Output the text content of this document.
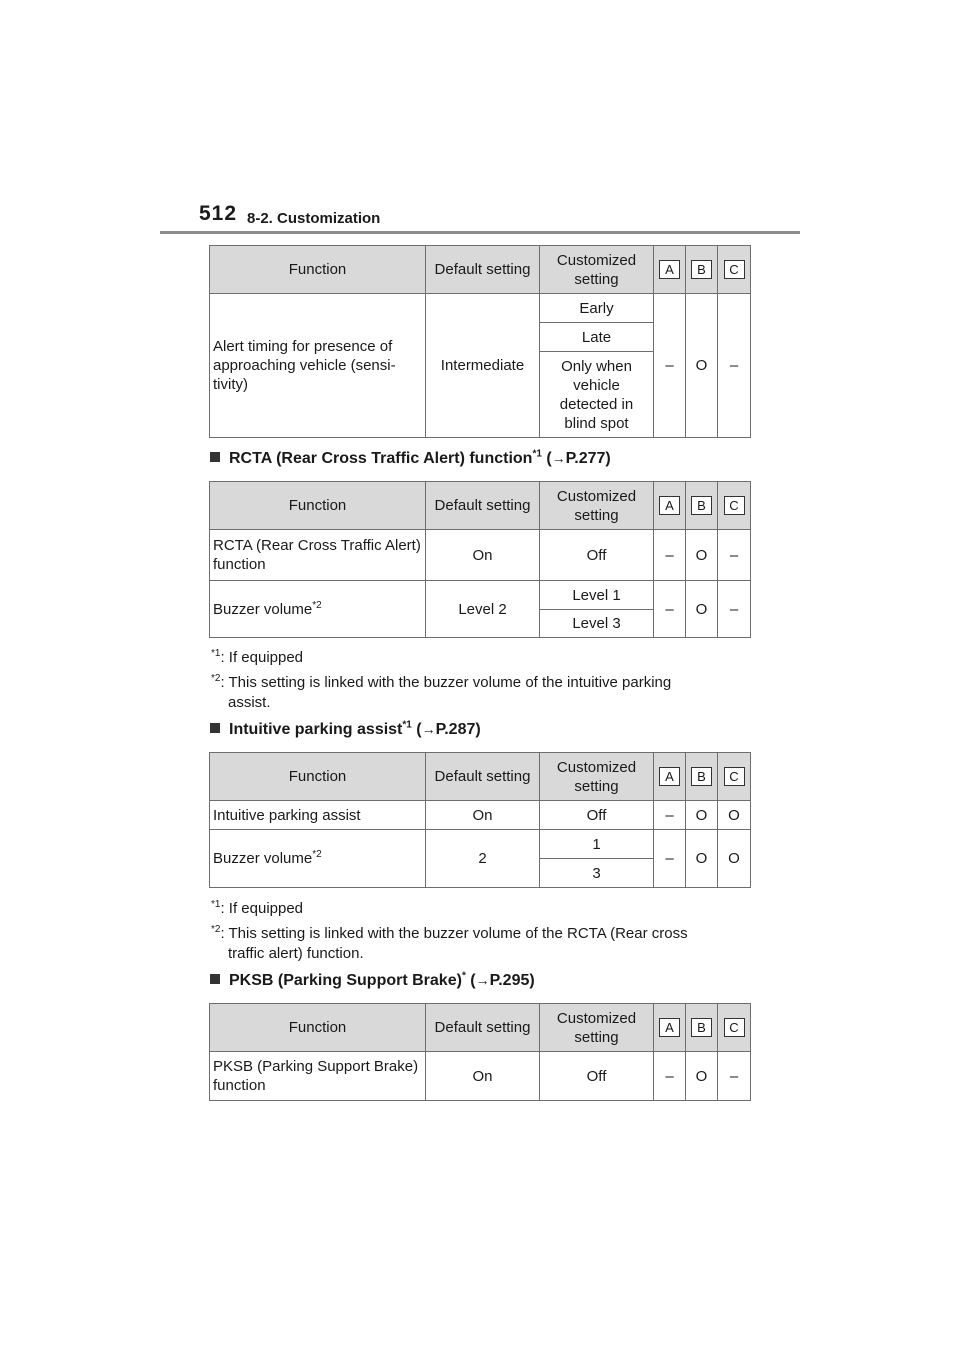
512 8-2. Customization
Function	Default setting	Customized setting	A	B	C
Alert timing for presence of approaching vehicle (sensi-tivity)	Intermediate	Early	–	O	–
		Late			
		Only when vehicle detected in blind spot			
RCTA (Rear Cross Traffic Alert) function$^{*1}$ (→P.277)
Function	Default setting	Customized setting	A	B	C
RCTA (Rear Cross Traffic Alert) function	On	Off	–	O	–
Buzzer volume$^{*2}$	Level 2	Level 1	–	O	–
		Level 3			
$^{*1}$: If equipped
$^{*2}$: This setting is linked with the buzzer volume of the intuitive parking
assist.
Intuitive parking assist$^{*1}$ (→P.287)
Function	Default setting	Customized setting	A	B	C
Intuitive parking assist	On	Off	–	O	O
Buzzer volume$^{*2}$	2	1	–	O	O
		3			
$^{*1}$: If equipped
$^{*2}$: This setting is linked with the buzzer volume of the RCTA (Rear cross
traffic alert) function.
PKSB (Parking Support Brake)* (→P.295)
Function	Default setting	Customized setting	A	B	C
PKSB (Parking Support Brake) function	On	Off	–	O	–
